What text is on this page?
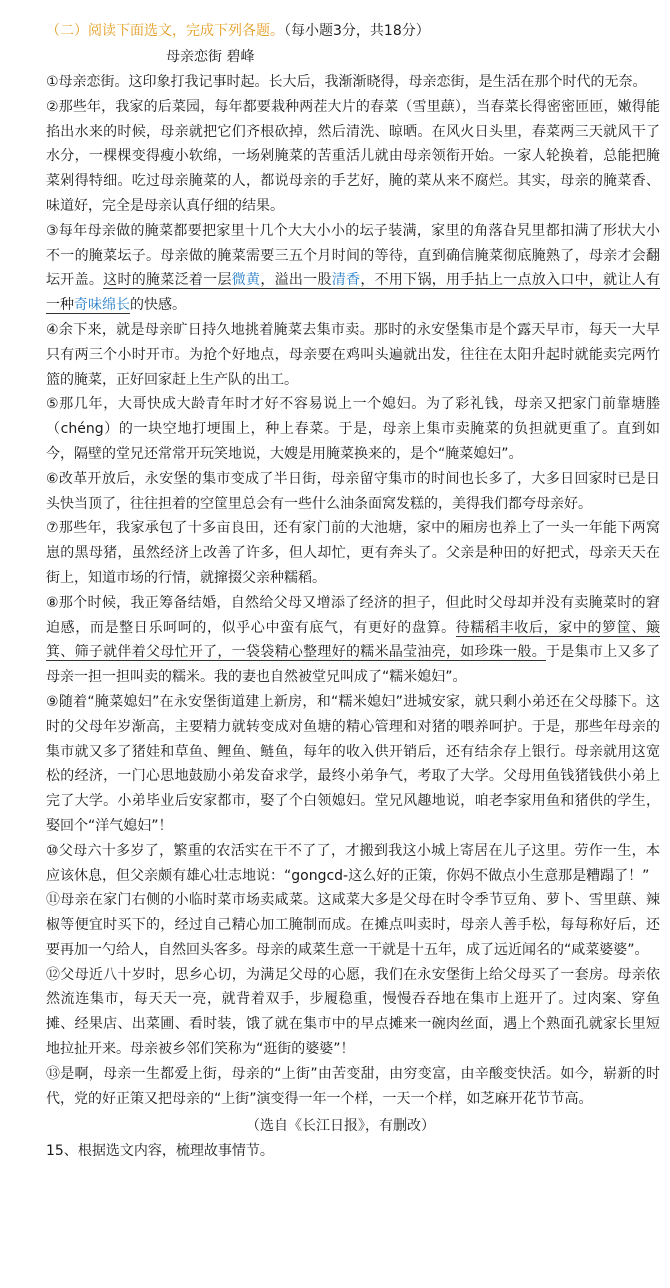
（二）阅读下面选文，完成下列各题。（每小题3分，共18分）
母亲恋街 碧峰

①母亲恋街。这印象打我记事时起。长大后，我渐渐晓得，母亲恋街，是生活在那个时代的无奈。

②那些年，我家的后菜园，每年都要栽种两茬大片的春菜（雪里蕻），当春菜长得密密匝匝，嫩得能掐出水来的时候，母亲就把它们齐根砍掉，然后清洗、晾晒。在风火日头里，春菜两三天就风干了水分，一棵棵变得瘦小软绵，一场剁腌菜的苦重活儿就由母亲领衔开始。一家人轮换着，总能把腌菜剁得特细。吃过母亲腌菜的人，都说母亲的手艺好，腌的菜从来不腐烂。其实，母亲的腌菜香、味道好，完全是母亲认真仔细的结果。

③每年母亲做的腌菜都要把家里十几个大大小小的坛子装满，家里的角落旮旯里都扣满了形状大小不一的腌菜坛子。母亲做的腌菜需要三五个月时间的等待，直到确信腌菜彻底腌熟了，母亲才会翻坛开盖。这时的腌菜泛着一层微黄，溢出一股清香，不用下锅，用手拈上一点放入口中，就让人有一种奇味绵长的快感。

④余下来，就是母亲旷日持久地挑着腌菜去集市卖。那时的永安堡集市是个露天早市，每天一大早只有两三个小时开市。为抢个好地点，母亲要在鸡叫头遍就出发，往往在太阳升起时就能卖完两竹篮的腌菜，正好回家赶上生产队的出工。

⑤那几年，大哥快成大龄青年时才好不容易说上一个媳妇。为了彩礼钱，母亲又把家门前靠塘塍（chéng）的一块空地打埂围上，种上春菜。于是，母亲上集市卖腌菜的负担就更重了。直到如今，隔壁的堂兄还常常开玩笑地说，大嫂是用腌菜换来的，是个“腌菜媳妇”。

⑥改革开放后，永安堡的集市变成了半日街，母亲留守集市的时间也长多了，大多日回家时已是日头快当顶了，往往担着的空筐里总会有一些什么油条面窝发糕的，美得我们都夸母亲好。

⑦那些年，我家承包了十多亩良田，还有家门前的大池塘，家中的厢房也养上了一头一年能下两窝崽的黑母猪，虽然经济上改善了许多，但人却忙，更有奔头了。父亲是种田的好把式，母亲天天在街上，知道市场的行情，就撺掇父亲种糯稻。

⑧那个时候，我正筹备结婚，自然给父母又增添了经济的担子，但此时父母却并没有卖腌菜时的窘迫感，而是整日乐呵呵的，似乎心中蛮有底气，有更好的盘算。待糯稻丰收后，家中的箩筐、簸箕、筛子就伴着父母忙开了，一袋袋精心整理好的糯米晶莹油亮，如珍珠一般。于是集市上又多了母亲一担一担叫卖的糯米。我的妻也自然被堂兄叫成了“糯米媳妇”。

⑨随着“腌菜媳妇”在永安堡街道建上新房，和“糯米媳妇”进城安家，就只剩小弟还在父母膝下。这时的父母年岁渐高，主要精力就转变成对鱼塘的精心管理和对猪的喂养呵护。于是，那些年母亲的集市就又多了猪娃和草鱼、鲤鱼、鲢鱼，每年的收入供开销后，还有结余存上银行。母亲就用这宽松的经济，一门心思地鼓励小弟发奋求学，最终小弟争气，考取了大学。父母用鱼钱猪钱供小弟上完了大学。小弟毕业后安家都市，娶了个白领媳妇。堂兄风趣地说，咱老李家用鱼和猪供的学生，娶回个“洋气媳妇”！

⑩父母六十多岁了，繁重的农活实在干不了了，才搬到我这小城上寄居在儿子这里。劳作一生，本应该休息，但父亲颇有雄心壮志地说：“gongcd-这么好的正策，你妈不做点小生意那是糟蹋了！”

⑪母亲在家门右侧的小临时菜市场卖咸菜。这咸菜大多是父母在时令季节豆角、萝卜、雪里蕻、辣椒等便宜时买下的，经过自己精心加工腌制而成。在摊点叫卖时，母亲人善手松，每每称好后，还要再加一勺给人，自然回头客多。母亲的咸菜生意一干就是十五年，成了远近闻名的“咸菜婆婆”。

⑫父母近八十岁时，思乡心切，为满足父母的心愿，我们在永安堡街上给父母买了一套房。母亲依然流连集市，每天天一亮，就背着双手，步履稳重，慢慢吞吞地在集市上逛开了。过肉案、穿鱼摊、经果店、出菜圃、看时装，饿了就在集市中的早点摊来一碗肉丝面，遇上个熟面孔就家长里短地拉扯开来。母亲被乡邻们笑称为“逛街的婆婆”！

⑬是啊，母亲一生都爱上街，母亲的“上街”由苦变甜，由穷变富，由辛酸变快活。如今，崭新的时代，党的好正策又把母亲的“上街”演变得一年一个样，一天一个样，如芝麻开花节节高。

（选自《长江日报》，有删改）
15、根据选文内容，梳理故事情节。
